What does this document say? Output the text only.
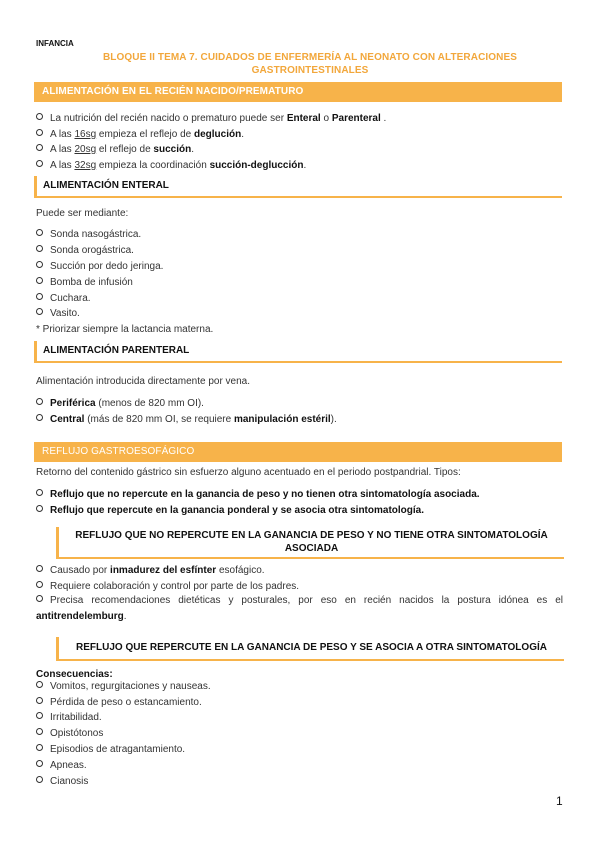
INFANCIA
BLOQUE II TEMA 7. CUIDADOS DE ENFERMERÍA AL NEONATO CON ALTERACIONES
GASTROINTESTINALES
ALIMENTACIÓN EN EL RECIÉN NACIDO/PREMATURO
La nutrición del recién nacido o prematuro puede ser Enteral o Parenteral .
A las 16sg empieza el reflejo de deglución.
A las 20sg el reflejo de succión.
A las 32sg empieza la coordinación succión-deglucción.
ALIMENTACIÓN ENTERAL
Puede ser mediante:
Sonda nasogástrica.
Sonda orogástrica.
Succión por dedo jeringa.
Bomba de infusión
Cuchara.
Vasito.
* Priorizar siempre la lactancia materna.
ALIMENTACIÓN PARENTERAL
Alimentación introducida directamente por vena.
Periférica (menos de 820 mm OI).
Central (más de 820 mm OI, se requiere manipulación estéril).
REFLUJO GASTROESOFÁGICO
Retorno del contenido gástrico sin esfuerzo alguno acentuado en el periodo postpandrial. Tipos:
Reflujo que no repercute en la ganancia de peso y no tienen otra sintomatología asociada.
Reflujo que repercute en la ganancia ponderal y se asocia otra sintomatología.
REFLUJO QUE NO REPERCUTE EN LA GANANCIA DE PESO Y NO TIENE OTRA SINTOMATOLOGÍA
ASOCIADA
Causado por inmadurez del esfínter esofágico.
Requiere colaboración y control por parte de los padres.
Precisa recomendaciones dietéticas y posturales, por eso en recién nacidos la postura idónea es el
antitrendelemburg.
REFLUJO QUE REPERCUTE EN LA GANANCIA DE PESO Y SE ASOCIA A OTRA SINTOMATOLOGÍA
Consecuencias:
Vomitos, regurgitaciones y nauseas.
Pérdida de peso o estancamiento.
Irritabilidad.
Opistótonos
Episodios de atragantamiento.
Apneas.
Cianosis
1
